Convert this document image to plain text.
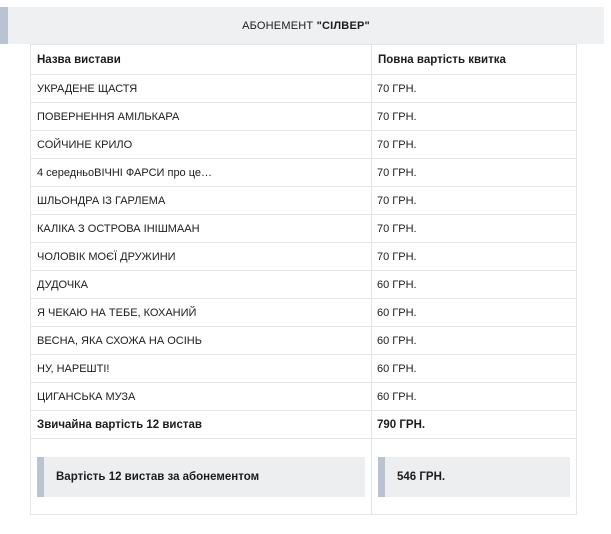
АБОНЕМЕНТ
"СІЛВЕР"
Назва вистави	Повна вартість квитка
УКРАДЕНЕ ЩАСТЯ	70 ГРН.
ПОВЕРНЕННЯ АМІЛЬКАРА	70 ГРН.
СОЙЧИНЕ КРИЛО	70 ГРН.
4 середньоВІЧНІ ФАРСИ про це…	70 ГРН.
ШЛЬОНДРА ІЗ ГАРЛЕМА	70 ГРН.
КАЛІКА З ОСТРОВА ІНІШМААН	70 ГРН.
ЧОЛОВІК МОЄЇ ДРУЖИНИ	70 ГРН.
ДУДОЧКА	60 ГРН.
Я ЧЕКАЮ НА ТЕБЕ, КОХАНИЙ	60 ГРН.
ВЕСНА, ЯКА СХОЖА НА ОСІНЬ	60 ГРН.
НУ, НАРЕШТІ!	60 ГРН.
ЦИГАНСЬКА МУЗА	60 ГРН.
Звичайна вартість 12 вистав	790 ГРН.

Вартість 12 вистав за абонементом	546 ГРН.
